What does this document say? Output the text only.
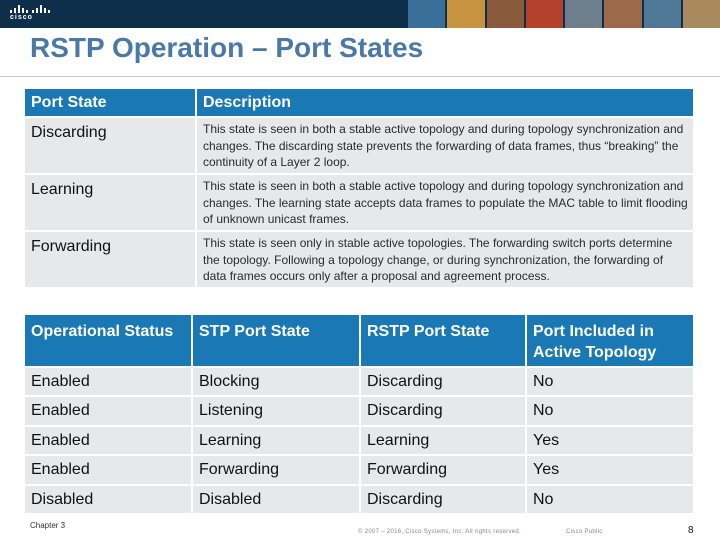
cisco
RSTP Operation – Port States
Port State	Description
Discarding	This state is seen in both a stable active topology and during topology synchronization and changes. The discarding state prevents the forwarding of data frames, thus “breaking” the continuity of a Layer 2 loop.
Learning	This state is seen in both a stable active topology and during topology synchronization and changes. The learning state accepts data frames to populate the MAC table to limit flooding of unknown unicast frames.
Forwarding	This state is seen only in stable active topologies. The forwarding switch ports determine the topology. Following a topology change, or during synchronization, the forwarding of data frames occurs only after a proposal and agreement process.
Operational Status	STP Port State	RSTP Port State	Port Included in Active Topology
Enabled	Blocking	Discarding	No
Enabled	Listening	Discarding	No
Enabled	Learning	Learning	Yes
Enabled	Forwarding	Forwarding	Yes
Disabled	Disabled	Discarding	No
Chapter 3
© 2007 – 2016, Cisco Systems, Inc. All rights reserved.	Cisco Public	8
